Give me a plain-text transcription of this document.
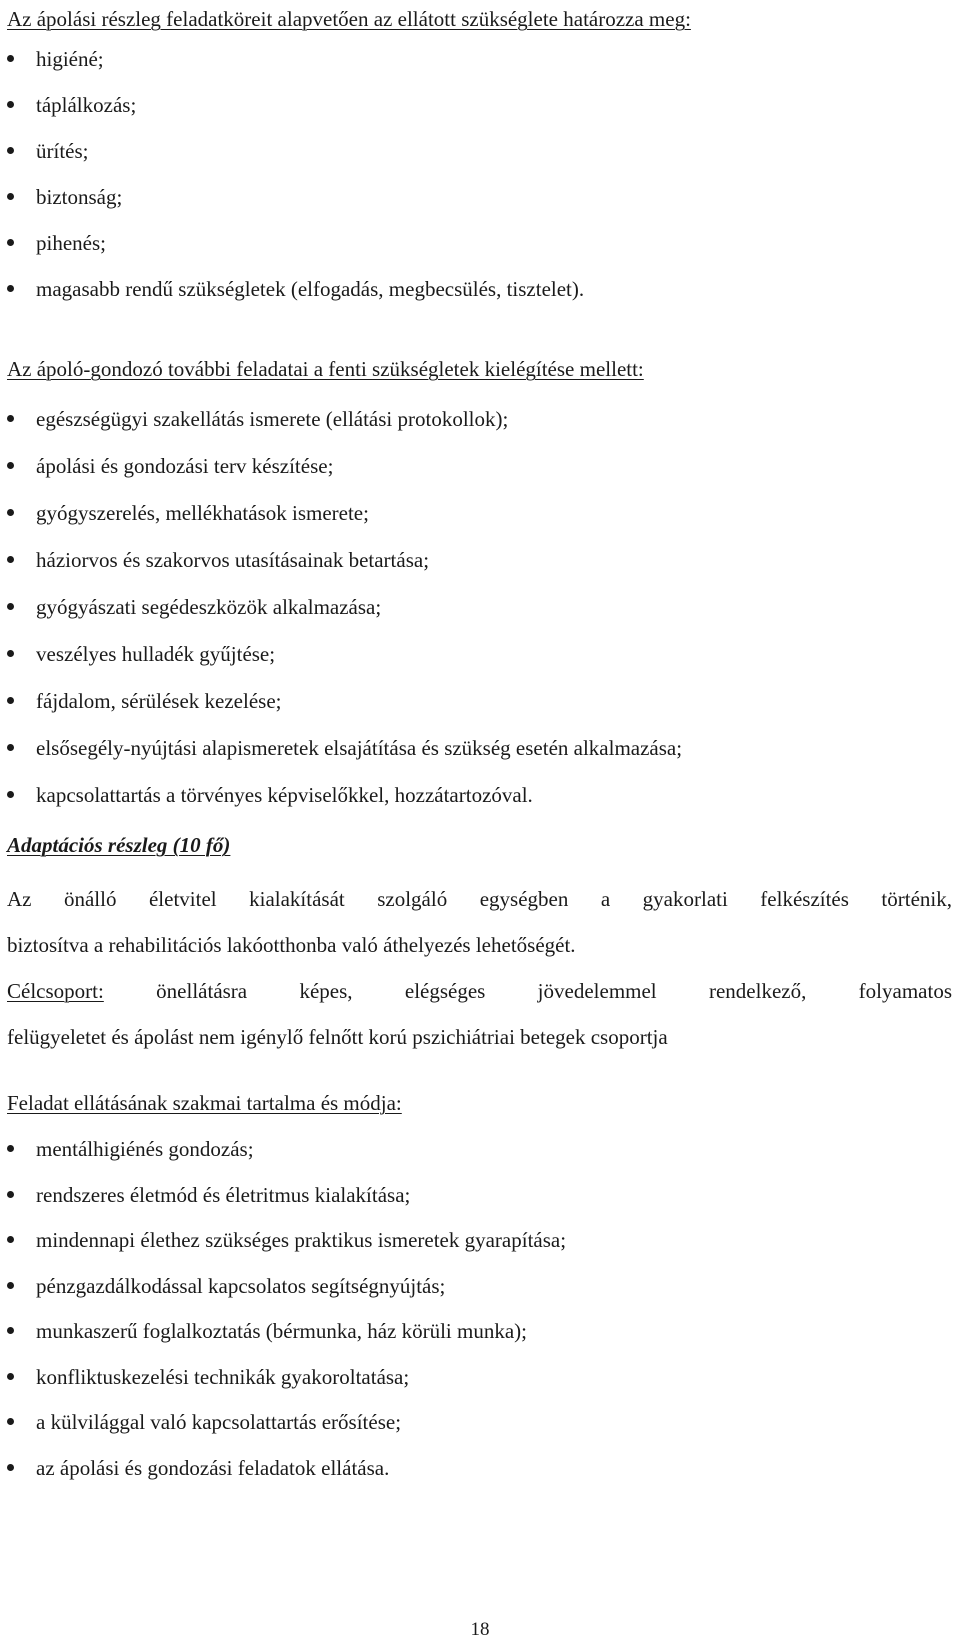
Az ápolási részleg feladatköreit alapvetően az ellátott szükséglete határozza meg:
higiéné;
táplálkozás;
ürítés;
biztonság;
pihenés;
magasabb rendű szükségletek (elfogadás, megbecsülés, tisztelet).
Az ápoló-gondozó további feladatai a fenti szükségletek kielégítése mellett:
egészségügyi szakellátás ismerete (ellátási protokollok);
ápolási és gondozási terv készítése;
gyógyszerelés, mellékhatások ismerete;
háziorvos és szakorvos utasításainak betartása;
gyógyászati segédeszközök alkalmazása;
veszélyes hulladék gyűjtése;
fájdalom, sérülések kezelése;
elsősegély-nyújtási alapismeretek elsajátítása és szükség esetén alkalmazása;
kapcsolattartás a törvényes képviselőkkel, hozzátartozóval.
Adaptációs részleg (10 fő)
Az önálló életvitel kialakítását szolgáló egységben a gyakorlati felkészítés történik,
biztosítva a rehabilitációs lakóotthonba való áthelyezés lehetőségét.
Célcsoport: önellátásra képes, elégséges jövedelemmel rendelkező, folyamatos
felügyeletet és ápolást nem igénylő felnőtt korú pszichiátriai betegek csoportja
Feladat ellátásának szakmai tartalma és módja:
mentálhigiénés gondozás;
rendszeres életmód és életritmus kialakítása;
mindennapi élethez szükséges praktikus ismeretek gyarapítása;
pénzgazdálkodással kapcsolatos segítségnyújtás;
munkaszerű foglalkoztatás (bérmunka, ház körüli munka);
konfliktuskezelési technikák gyakoroltatása;
a külvilággal való kapcsolattartás erősítése;
az ápolási és gondozási feladatok ellátása.
18
